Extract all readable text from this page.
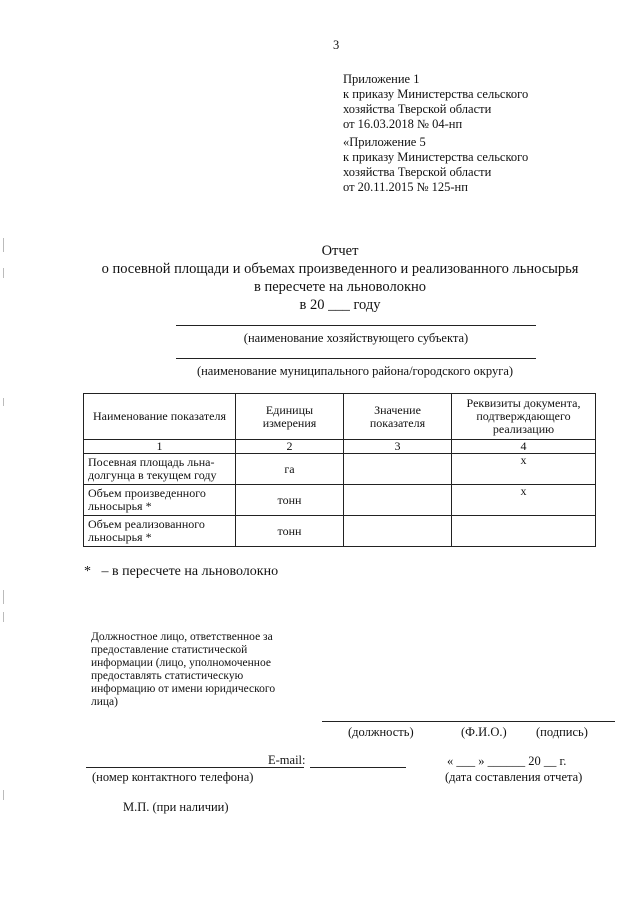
3
Приложение 1
к приказу Министерства сельского
хозяйства Тверской области
от 16.03.2018 № 04-нп
«Приложение 5
к приказу Министерства сельского
хозяйства Тверской области
от 20.11.2015 № 125-нп
Отчет
о посевной площади и объемах произведенного и реализованного льносырья
в пересчете на льноволокно
в 20 ___ году
(наименование хозяйствующего субъекта)
(наименование муниципального района/городского округа)
Наименование показателя	Единицы измерения	Значение показателя	Реквизиты документа, подтверждающего реализацию
1	2	3	4
Посевная площадь льна-долгунца в текущем году	га		х
Объем произведенного льносырья *	тонн		х
Объем реализованного льносырья *	тонн		
*   – в пересчете на льноволокно
Должностное лицо, ответственное за
предоставление статистической
информации (лицо, уполномоченное
предоставлять статистическую
информацию от имени юридического
лица)
(должность)	(Ф.И.О.) (подпись)
E-mail:
(номер контактного телефона)
« ___ » ______ 20 __ г.
(дата составления отчета)
М.П. (при наличии)
